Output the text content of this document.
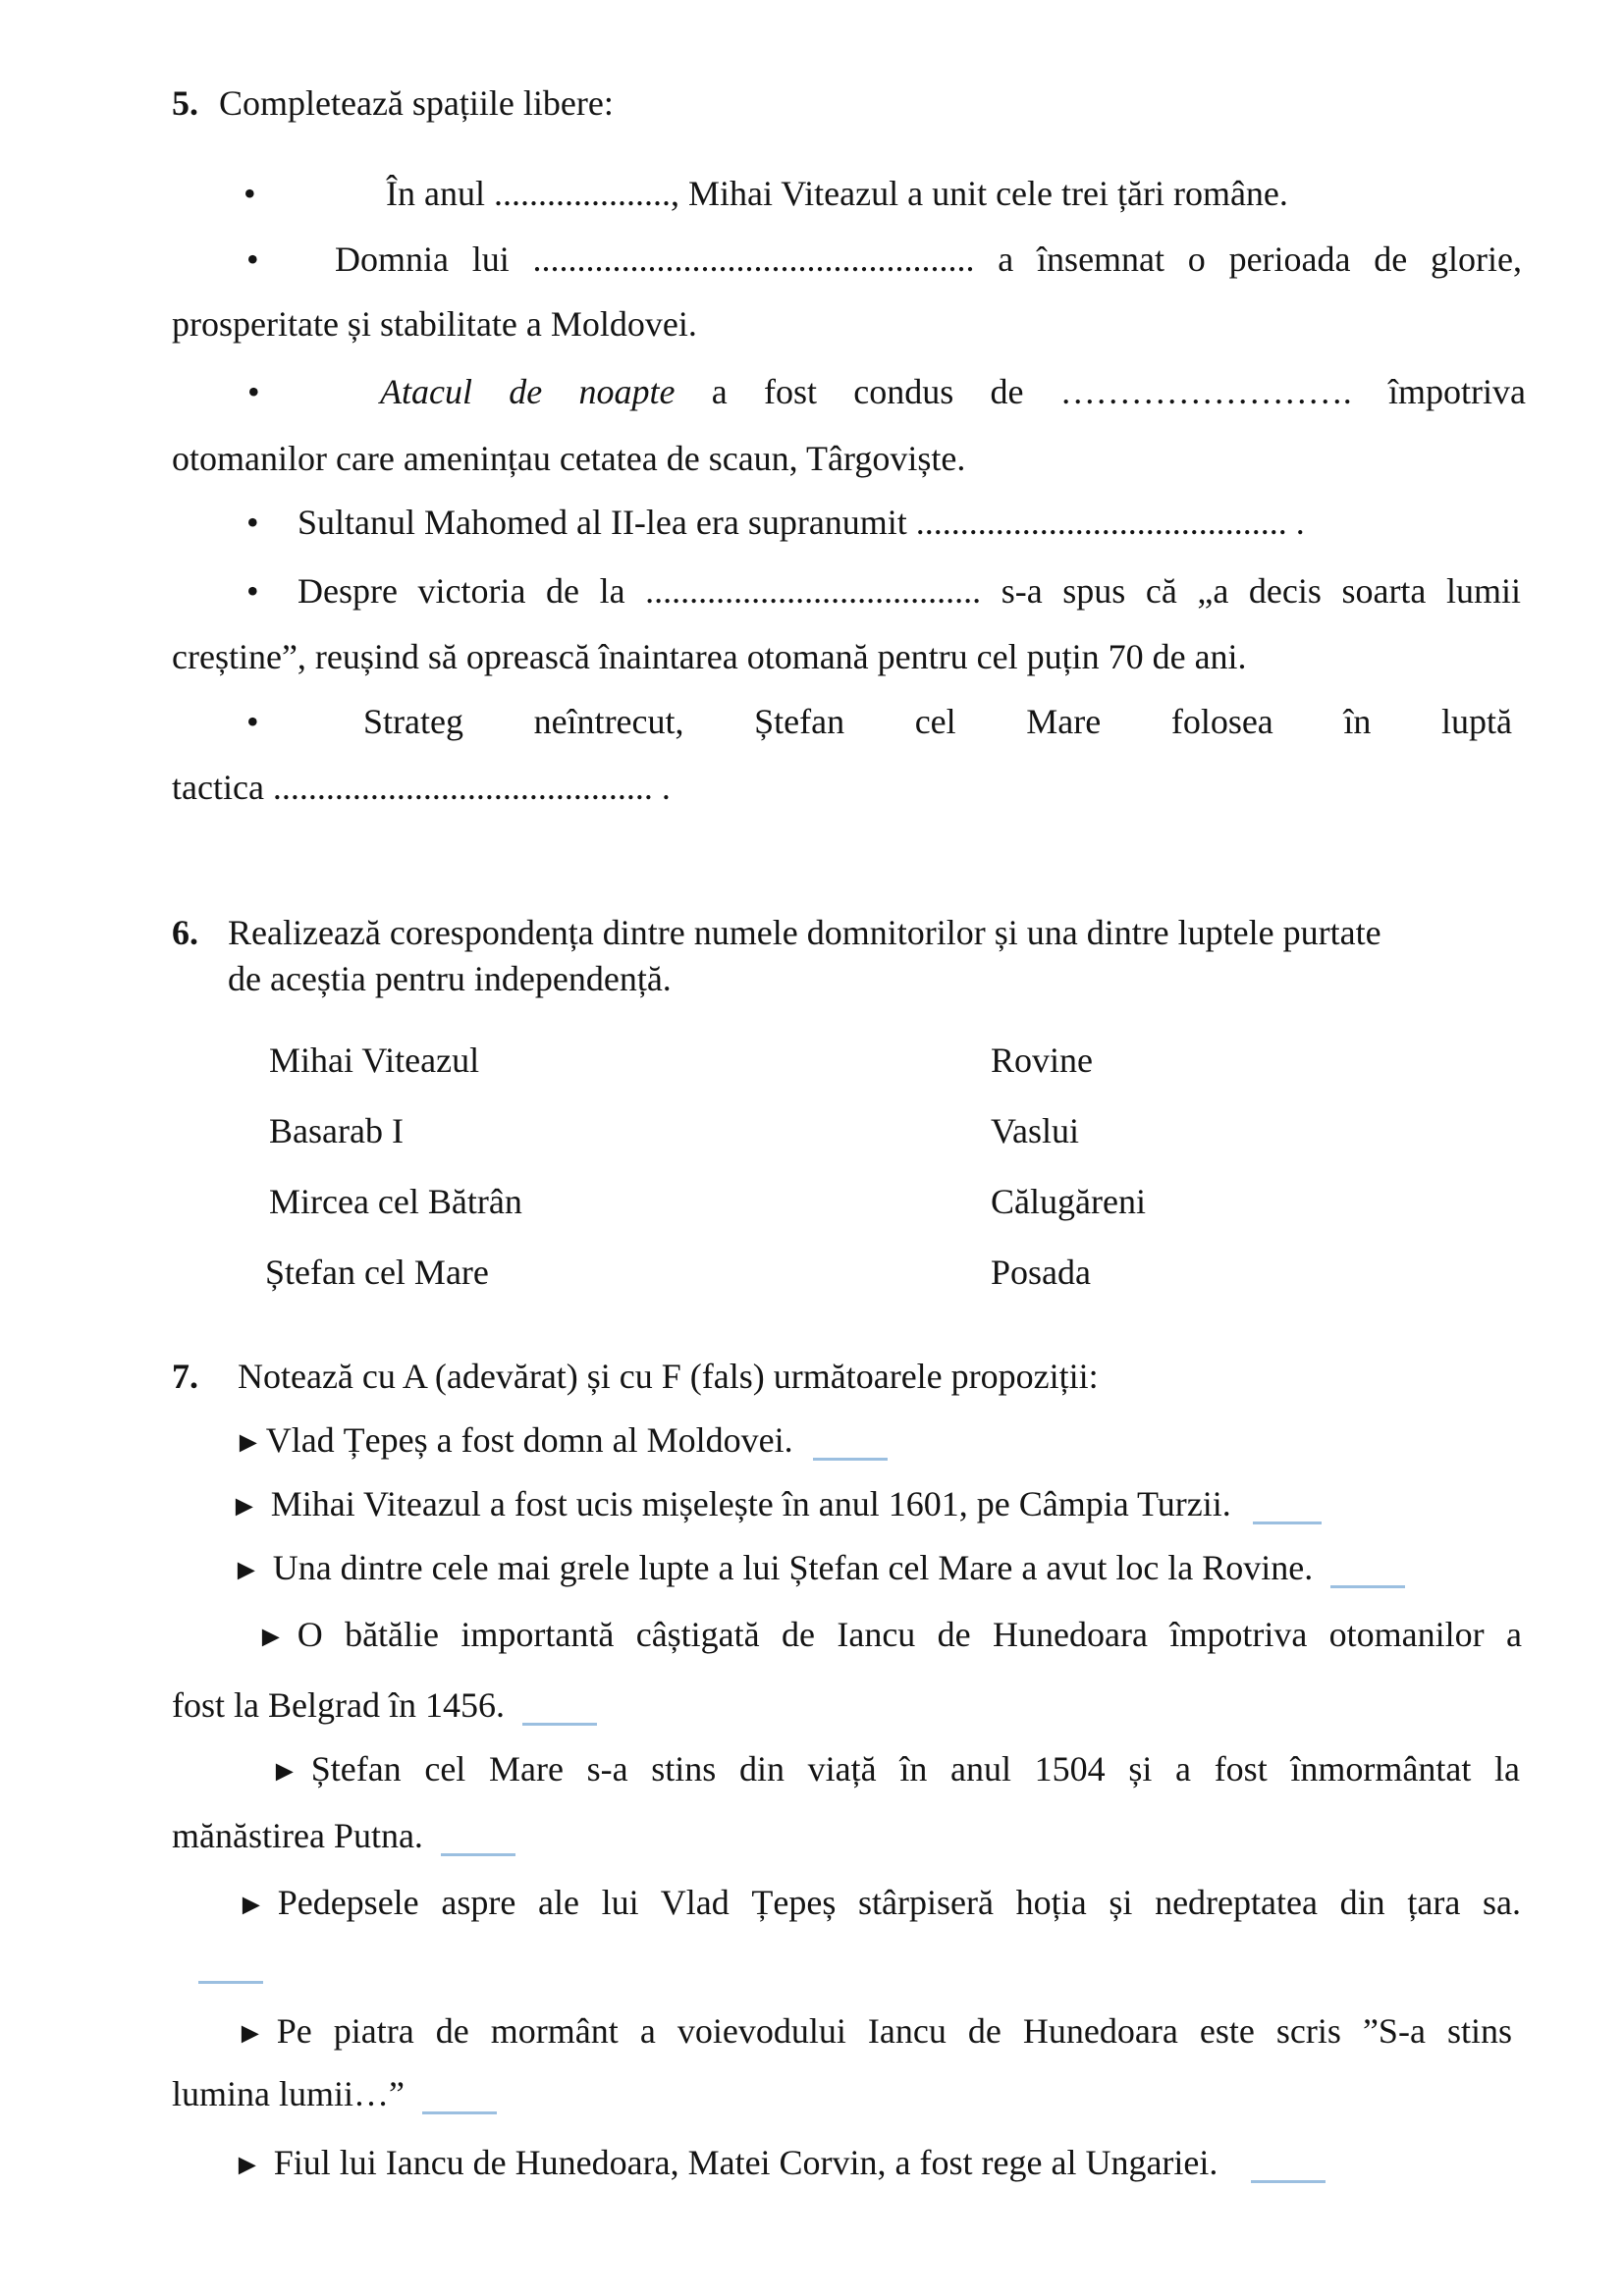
5. Completează spațiile libere:
•	În anul ...................., Mihai Viteazul a unit cele trei țări române.
• Domnia lui .................................................. a însemnat o perioada de glorie,
prosperitate și stabilitate a Moldovei.
•	Atacul de noapte a fost condus de ……………………. împotriva
otomanilor care amenințau cetatea de scaun, Târgoviște.
• Sultanul Mahomed al II-lea era supranumit .......................................... .
• Despre victoria de la ...................................... s-a spus că „a decis soarta lumii
creștine”, reușind să oprească înaintarea otomană pentru cel puțin 70 de ani.
•	Strateg neîntrecut, Ștefan cel Mare folosea în luptă
tactica ........................................... .
6. Realizează corespondența dintre numele domnitorilor și una dintre luptele purtate
de aceștia pentru independență.
Mihai Viteazul	Rovine
Basarab I	Vaslui
Mircea cel Bătrân	Călugăreni
Ștefan cel Mare	Posada
7. Notează cu A (adevărat) și cu F (fals) următoarele propoziții:
►Vlad Țepeș a fost domn al Moldovei.
► Mihai Viteazul a fost ucis mișelește în anul 1601, pe Câmpia Turzii.
► Una dintre cele mai grele lupte a lui Ștefan cel Mare a avut loc la Rovine.
► O bătălie importantă câștigată de Iancu de Hunedoara împotriva otomanilor a
fost la Belgrad în 1456.
► Ștefan cel Mare s-a stins din viață în anul 1504 și a fost înmormântat la
mănăstirea Putna.
► Pedepsele aspre ale lui Vlad Țepeș stârpiseră hoția și nedreptatea din țara sa.
► Pe piatra de mormânt a voievodului Iancu de Hunedoara este scris ”S-a stins
lumina lumii…”
► Fiul lui Iancu de Hunedoara, Matei Corvin, a fost rege al Ungariei.
